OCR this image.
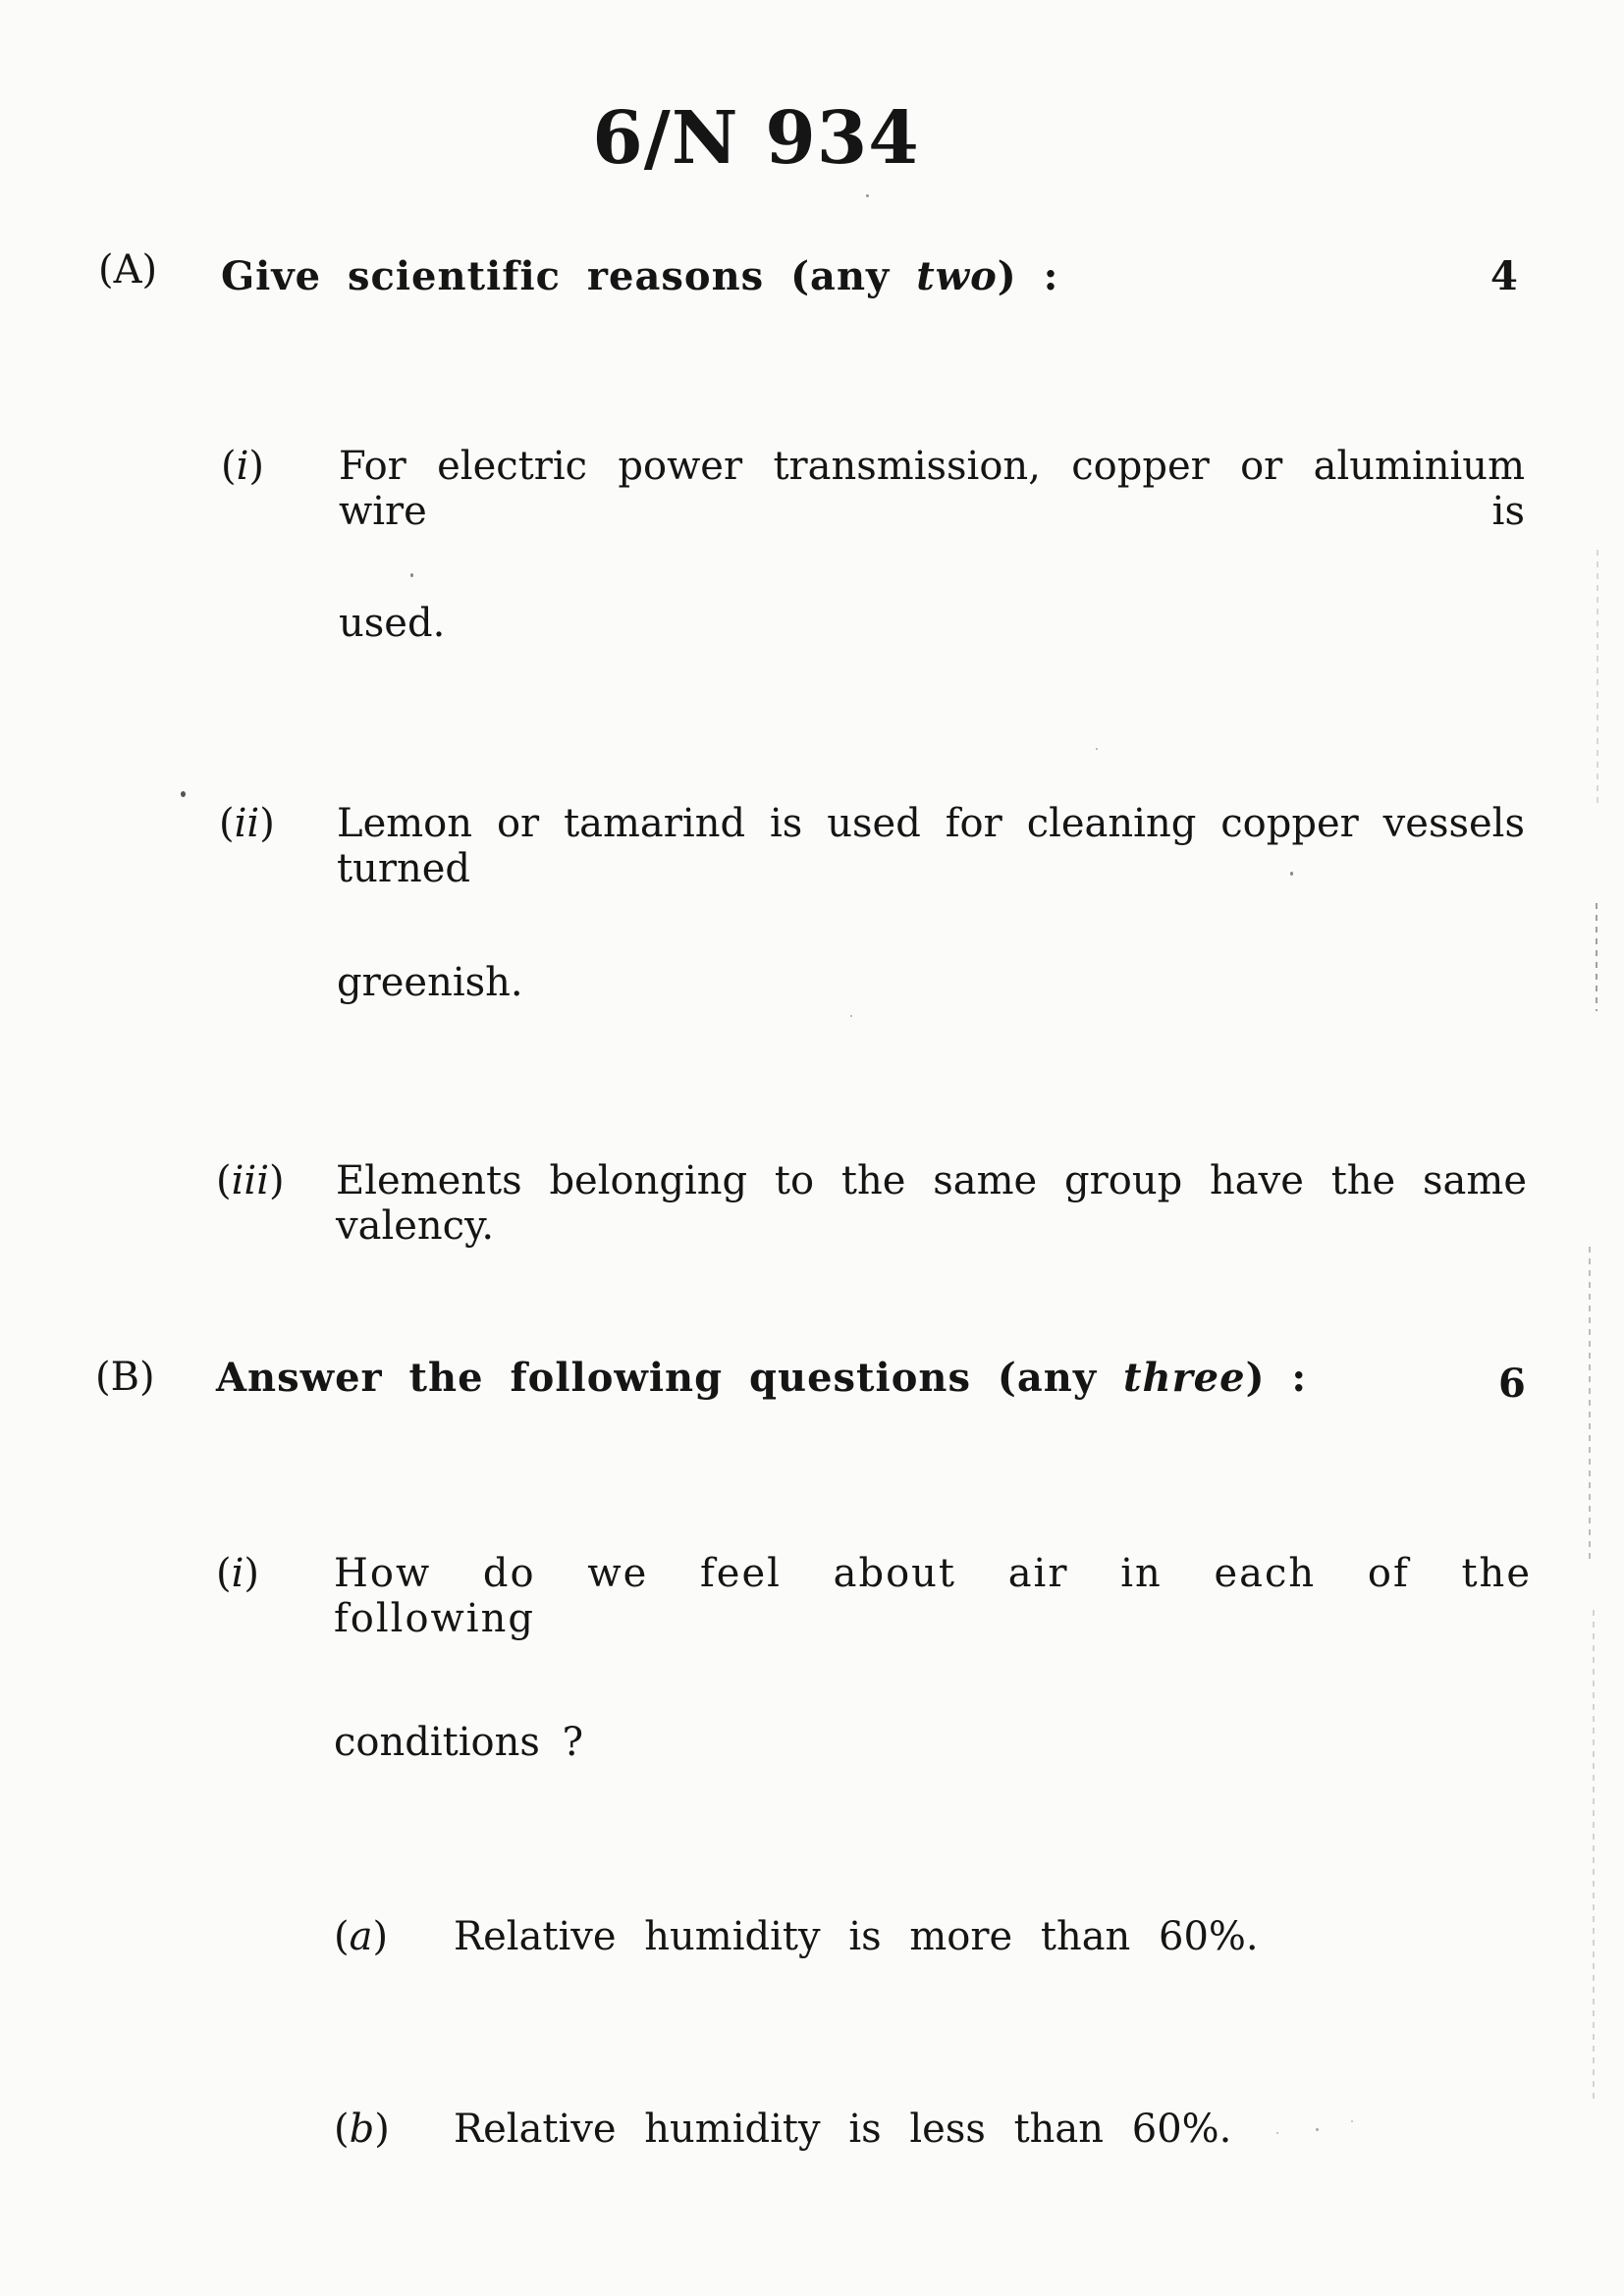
6/N 934
(A) Give scientific reasons (any two) :	4
(i) For electric power transmission, copper or aluminium wire is
used.
(ii) Lemon or tamarind is used for cleaning copper vessels turned
greenish.
(iii) Elements belonging to the same group have the same valency.
(B) Answer the following questions (any three) :	6
(i) How do we feel about air in each of the following
conditions ?
(a) Relative humidity is more than 60%.
(b) Relative humidity is less than 60%.
